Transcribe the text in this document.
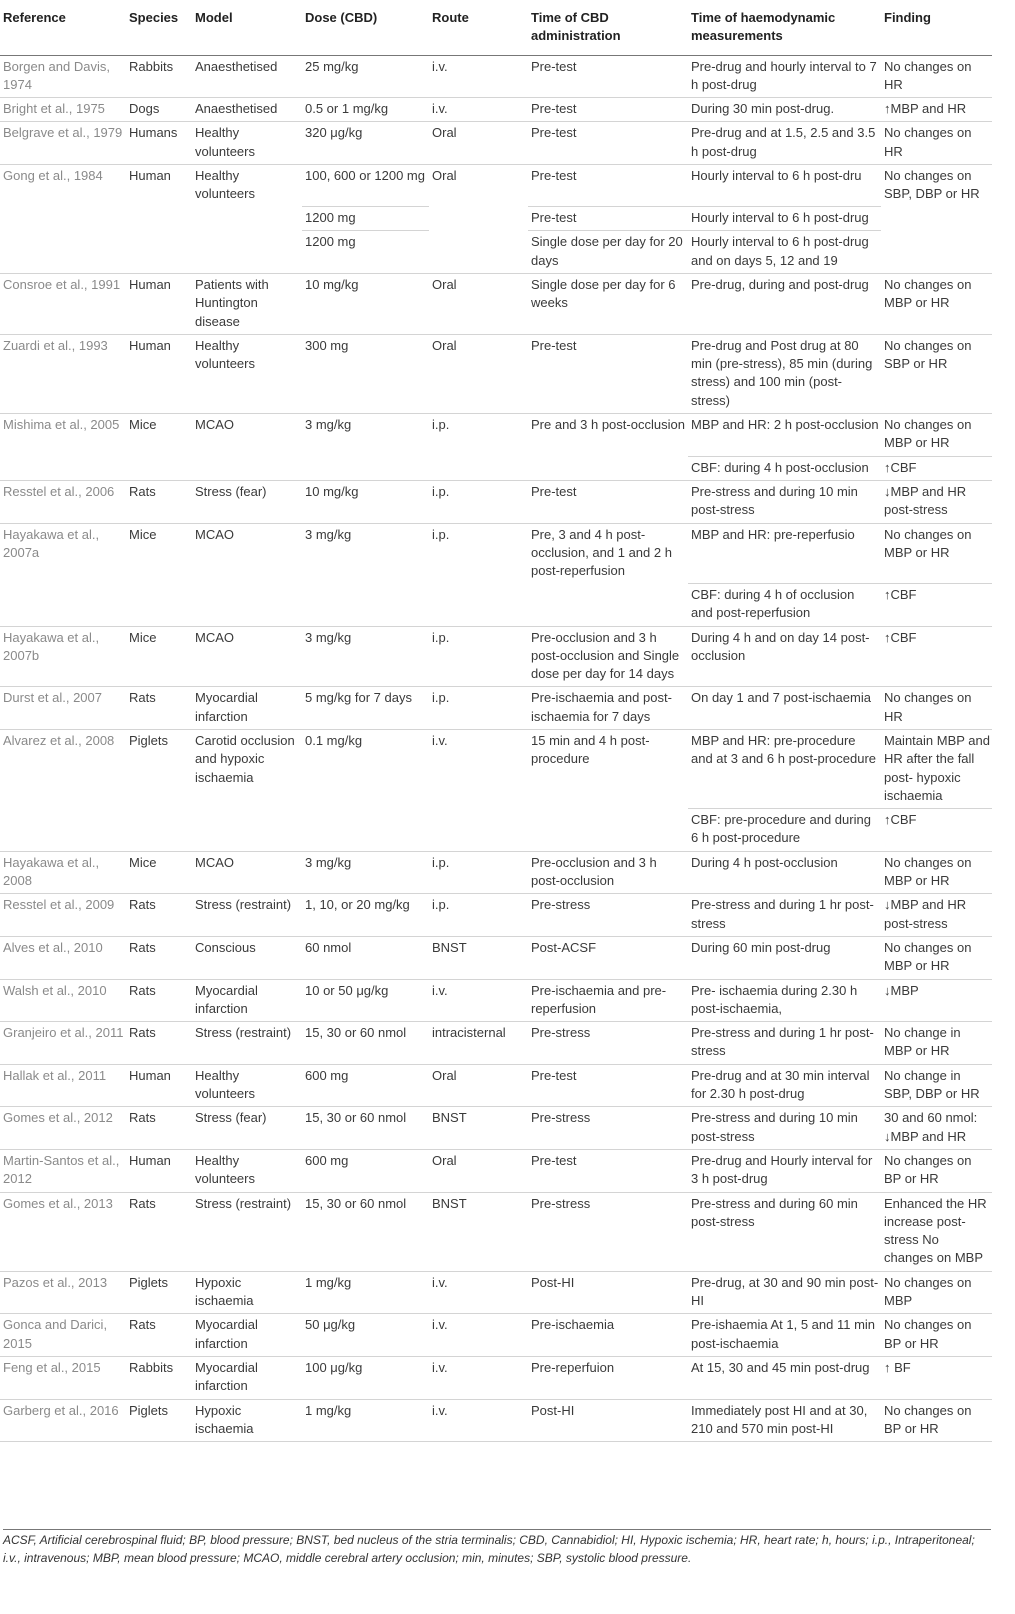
Reference	Species	Model	Dose (CBD)	Route	Time of CBD administration	Time of haemodynamic measurements	Finding
Borgen and Davis, 1974	Rabbits	Anaesthetised	25 mg/kg	i.v.	Pre-test	Pre-drug and hourly interval to 7 h post-drug	No changes on HR
Bright et al., 1975	Dogs	Anaesthetised	0.5 or 1 mg/kg	i.v.	Pre-test	During 30 min post-drug.	↑MBP and HR
Belgrave et al., 1979	Humans	Healthy volunteers	320 μg/kg	Oral	Pre-test	Pre-drug and at 1.5, 2.5 and 3.5 h post-drug	No changes on HR
Gong et al., 1984	Human	Healthy volunteers	100, 600 or 1200 mg	Oral	Pre-test	Hourly interval to 6 h post-dru	No changes on SBP, DBP or HR
			1200 mg		Pre-test	Hourly interval to 6 h post-drug	
			1200 mg		Single dose per day for 20 days	Hourly interval to 6 h post-drug and on days 5, 12 and 19	
Consroe et al., 1991	Human	Patients with Huntington disease	10 mg/kg	Oral	Single dose per day for 6 weeks	Pre-drug, during and post-drug	No changes on MBP or HR
Zuardi et al., 1993	Human	Healthy volunteers	300 mg	Oral	Pre-test	Pre-drug and Post drug at 80 min (pre-stress), 85 min (during stress) and 100 min (post-stress)	No changes on SBP or HR
Mishima et al., 2005	Mice	MCAO	3 mg/kg	i.p.	Pre and 3 h post-occlusion	MBP and HR: 2 h post-occlusion	No changes on MBP or HR
						CBF: during 4 h post-occlusion	↑CBF
Resstel et al., 2006	Rats	Stress (fear)	10 mg/kg	i.p.	Pre-test	Pre-stress and during 10 min post-stress	↓MBP and HR post-stress
Hayakawa et al., 2007a	Mice	MCAO	3 mg/kg	i.p.	Pre, 3 and 4 h post-occlusion, and 1 and 2 h post-reperfusion	MBP and HR: pre-reperfusio	No changes on MBP or HR
						CBF: during 4 h of occlusion and post-reperfusion	↑CBF
Hayakawa et al., 2007b	Mice	MCAO	3 mg/kg	i.p.	Pre-occlusion and 3 h post-occlusion and Single dose per day for 14 days	During 4 h and on day 14 post-occlusion	↑CBF
Durst et al., 2007	Rats	Myocardial infarction	5 mg/kg for 7 days	i.p.	Pre-ischaemia and post-ischaemia for 7 days	On day 1 and 7 post-ischaemia	No changes on HR
Alvarez et al., 2008	Piglets	Carotid occlusion and hypoxic ischaemia	0.1 mg/kg	i.v.	15 min and 4 h post-procedure	MBP and HR: pre-procedure and at 3 and 6 h post-procedure	Maintain MBP and HR after the fall post- hypoxic ischaemia
						CBF: pre-procedure and during 6 h post-procedure	↑CBF
Hayakawa et al., 2008	Mice	MCAO	3 mg/kg	i.p.	Pre-occlusion and 3 h post-occlusion	During 4 h post-occlusion	No changes on MBP or HR
Resstel et al., 2009	Rats	Stress (restraint)	1, 10, or 20 mg/kg	i.p.	Pre-stress	Pre-stress and during 1 hr post-stress	↓MBP and HR post-stress
Alves et al., 2010	Rats	Conscious	60 nmol	BNST	Post-ACSF	During 60 min post-drug	No changes on MBP or HR
Walsh et al., 2010	Rats	Myocardial infarction	10 or 50 μg/kg	i.v.	Pre-ischaemia and pre-reperfusion	Pre- ischaemia during 2.30 h post-ischaemia,	↓MBP
Granjeiro et al., 2011	Rats	Stress (restraint)	15, 30 or 60 nmol	intracisternal	Pre-stress	Pre-stress and during 1 hr post-stress	No change in MBP or HR
Hallak et al., 2011	Human	Healthy volunteers	600 mg	Oral	Pre-test	Pre-drug and at 30 min interval for 2.30 h post-drug	No change in SBP, DBP or HR
Gomes et al., 2012	Rats	Stress (fear)	15, 30 or 60 nmol	BNST	Pre-stress	Pre-stress and during 10 min post-stress	30 and 60 nmol: ↓MBP and HR
Martin-Santos et al., 2012	Human	Healthy volunteers	600 mg	Oral	Pre-test	Pre-drug and Hourly interval for 3 h post-drug	No changes on BP or HR
Gomes et al., 2013	Rats	Stress (restraint)	15, 30 or 60 nmol	BNST	Pre-stress	Pre-stress and during 60 min post-stress	Enhanced the HR increase post-stress No changes on MBP
Pazos et al., 2013	Piglets	Hypoxic ischaemia	1 mg/kg	i.v.	Post-HI	Pre-drug, at 30 and 90 min post-HI	No changes on MBP
Gonca and Darici, 2015	Rats	Myocardial infarction	50 μg/kg	i.v.	Pre-ischaemia	Pre-ishaemia At 1, 5 and 11 min post-ischaemia	No changes on BP or HR
Feng et al., 2015	Rabbits	Myocardial infarction	100 μg/kg	i.v.	Pre-reperfuion	At 15, 30 and 45 min post-drug	↑ BF
Garberg et al., 2016	Piglets	Hypoxic ischaemia	1 mg/kg	i.v.	Post-HI	Immediately post HI and at 30, 210 and 570 min post-HI	No changes on BP or HR
ACSF, Artificial cerebrospinal fluid; BP, blood pressure; BNST, bed nucleus of the stria terminalis; CBD, Cannabidiol; HI, Hypoxic ischemia; HR, heart rate; h, hours; i.p., Intraperitoneal; i.v., intravenous; MBP, mean blood pressure; MCAO, middle cerebral artery occlusion; min, minutes; SBP, systolic blood pressure.
